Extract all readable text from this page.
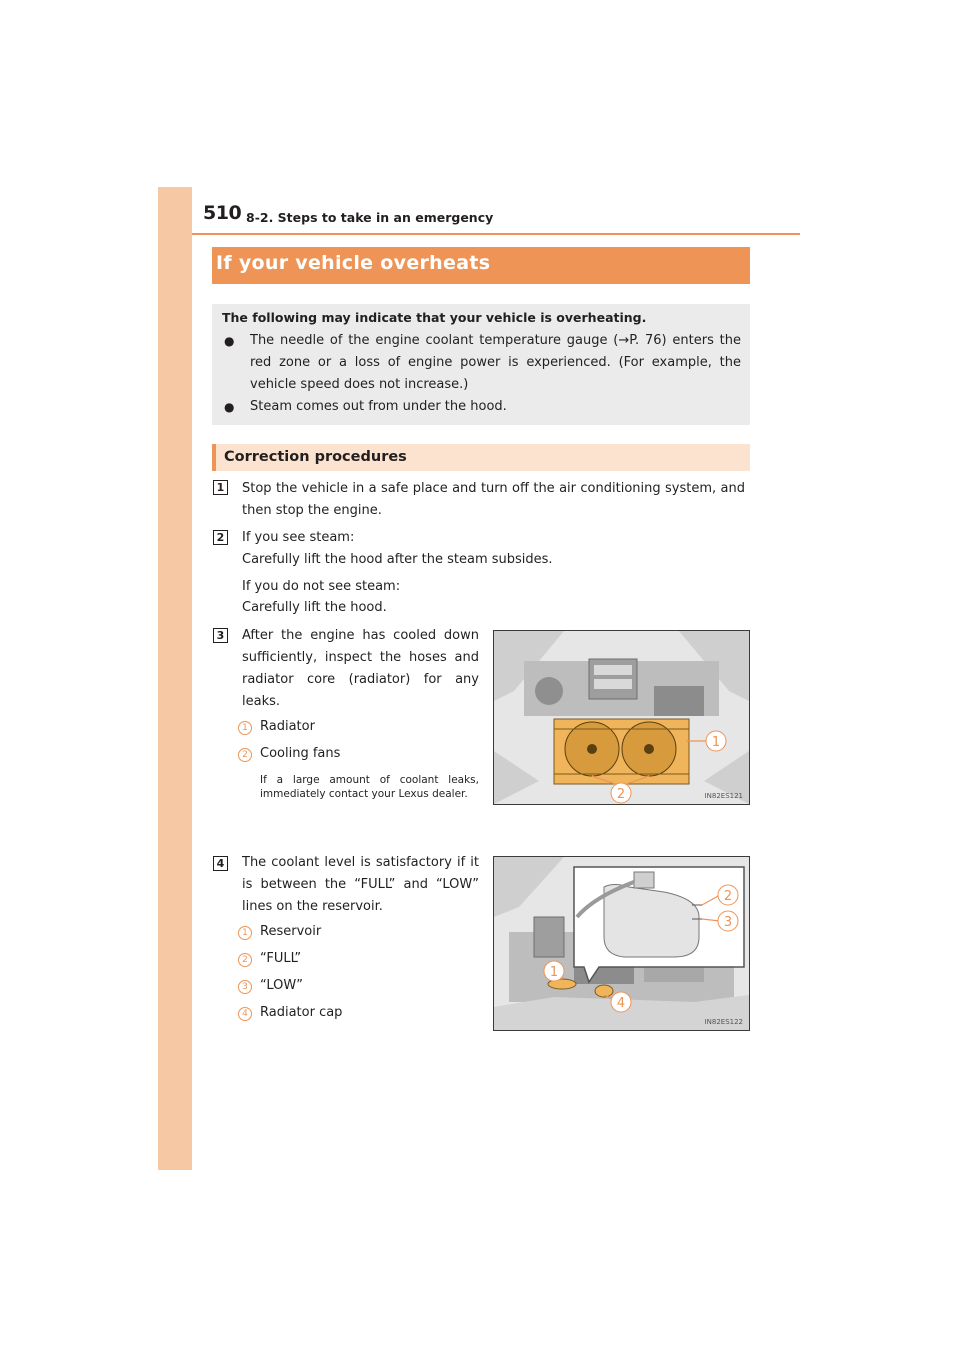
510 8-2. Steps to take in an emergency
If your vehicle overheats
The following may indicate that your vehicle is overheating.
● The needle of the engine coolant temperature gauge (→P. 76) enters the red zone or a loss of engine power is experienced. (For example, the vehicle speed does not increase.)
● Steam comes out from under the hood.
Correction procedures
1 Stop the vehicle in a safe place and turn off the air conditioning system, and then stop the engine.
2 If you see steam:
Carefully lift the hood after the steam subsides.
If you do not see steam:
Carefully lift the hood.
3 After the engine has cooled down sufficiently, inspect the hoses and radiator core (radiator) for any leaks.
1 Radiator
2 Cooling fans
If a large amount of coolant leaks, immediately contact your Lexus dealer.
1
2	IN82ES121
4 The coolant level is satisfactory if it is between the “FULL” and “LOW” lines on the reservoir.
1 Reservoir
2 “FULL”
3 “LOW”
4 Radiator cap
2
3
1
4
IN82ES122
